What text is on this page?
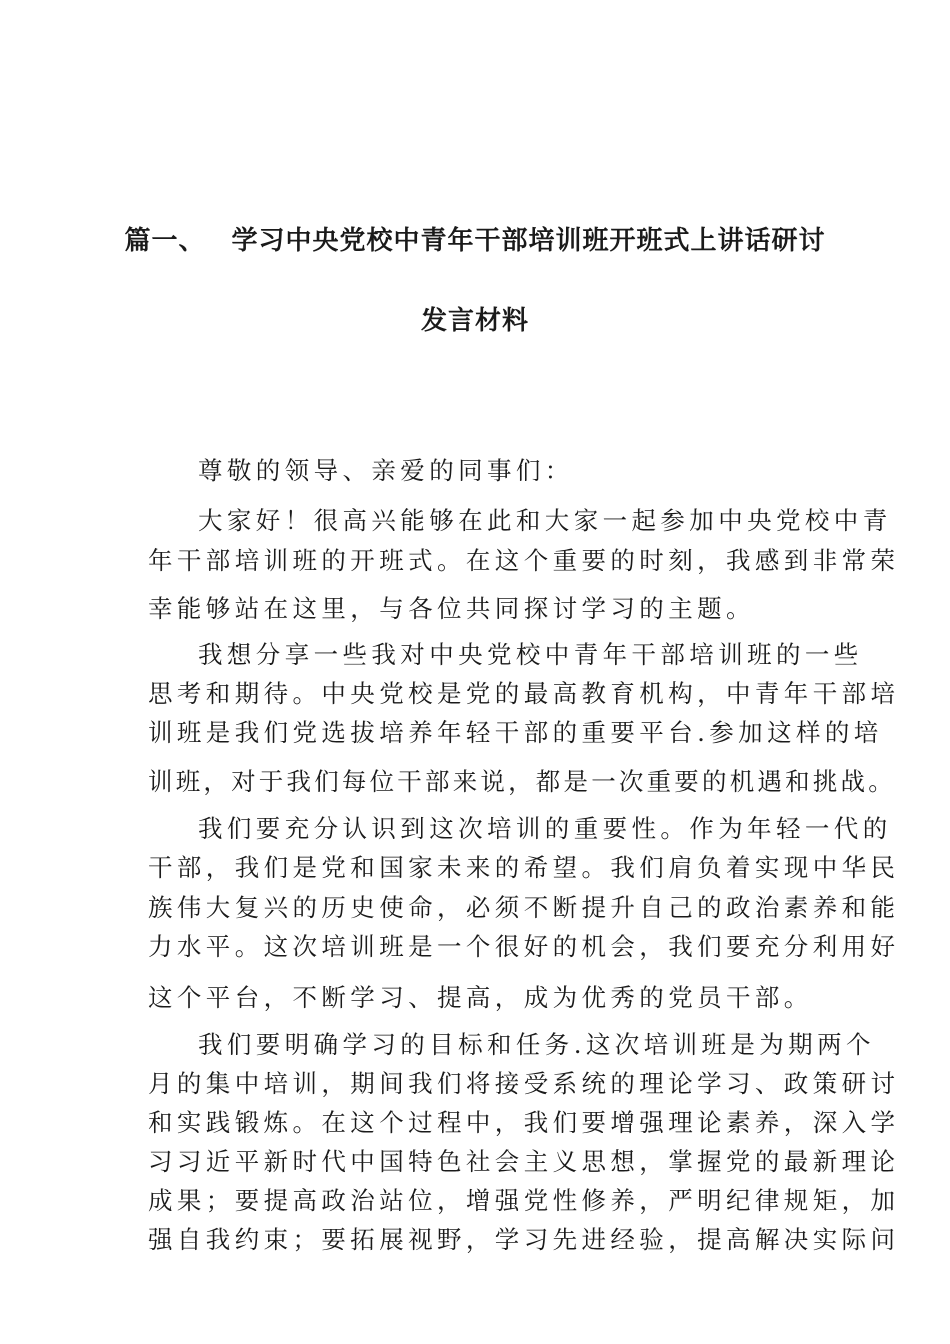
篇一、 学习中央党校中青年干部培训班开班式上讲话研讨
发言材料
尊敬的领导、亲爱的同事们：
大家好！很高兴能够在此和大家一起参加中央党校中青
年干部培训班的开班式。在这个重要的时刻，我感到非常荣
幸能够站在这里，与各位共同探讨学习的主题。
我想分享一些我对中央党校中青年干部培训班的一些
思考和期待。中央党校是党的最高教育机构，中青年干部培
训班是我们党选拔培养年轻干部的重要平台.参加这样的培
训班，对于我们每位干部来说，都是一次重要的机遇和挑战。
我们要充分认识到这次培训的重要性。作为年轻一代的
干部，我们是党和国家未来的希望。我们肩负着实现中华民
族伟大复兴的历史使命，必须不断提升自己的政治素养和能
力水平。这次培训班是一个很好的机会，我们要充分利用好
这个平台，不断学习、提高，成为优秀的党员干部。
我们要明确学习的目标和任务.这次培训班是为期两个
月的集中培训，期间我们将接受系统的理论学习、政策研讨
和实践锻炼。在这个过程中，我们要增强理论素养，深入学
习习近平新时代中国特色社会主义思想，掌握党的最新理论
成果；要提高政治站位，增强党性修养，严明纪律规矩，加
强自我约束；要拓展视野，学习先进经验，提高解决实际问
